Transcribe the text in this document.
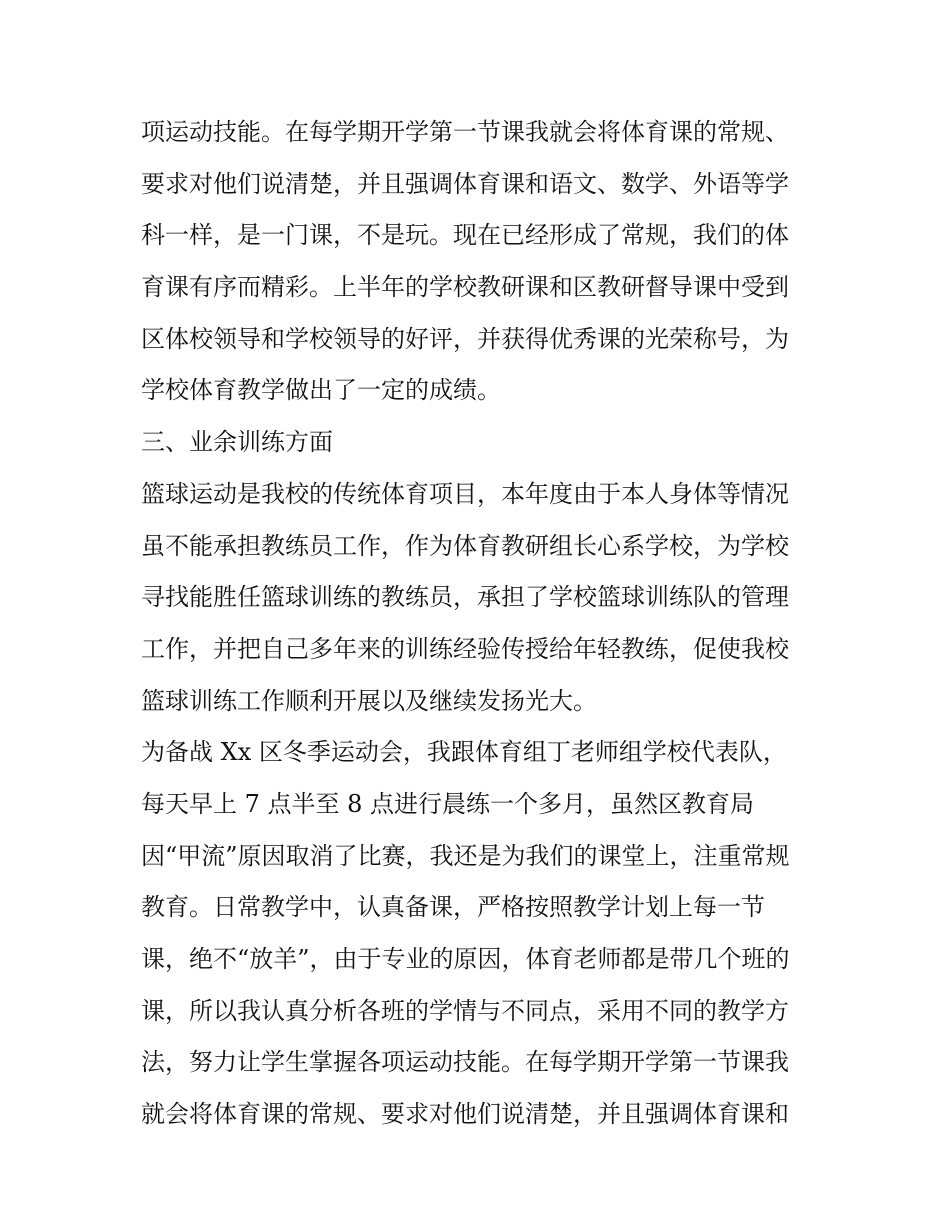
项运动技能。在每学期开学第一节课我就会将体育课的常规、
要求对他们说清楚，并且强调体育课和语文、数学、外语等学
科一样，是一门课，不是玩。现在已经形成了常规，我们的体
育课有序而精彩。上半年的学校教研课和区教研督导课中受到
区体校领导和学校领导的好评，并获得优秀课的光荣称号，为
学校体育教学做出了一定的成绩。
三、业余训练方面
篮球运动是我校的传统体育项目，本年度由于本人身体等情况
虽不能承担教练员工作，作为体育教研组长心系学校，为学校
寻找能胜任篮球训练的教练员，承担了学校篮球训练队的管理
工作，并把自己多年来的训练经验传授给年轻教练，促使我校
篮球训练工作顺利开展以及继续发扬光大。
为备战 Xx 区冬季运动会，我跟体育组丁老师组学校代表队，
每天早上 7 点半至 8 点进行晨练一个多月，虽然区教育局
因“甲流”原因取消了比赛，我还是为我们的课堂上，注重常规
教育。日常教学中，认真备课，严格按照教学计划上每一节
课，绝不“放羊”，由于专业的原因，体育老师都是带几个班的
课，所以我认真分析各班的学情与不同点，采用不同的教学方
法，努力让学生掌握各项运动技能。在每学期开学第一节课我
就会将体育课的常规、要求对他们说清楚，并且强调体育课和
